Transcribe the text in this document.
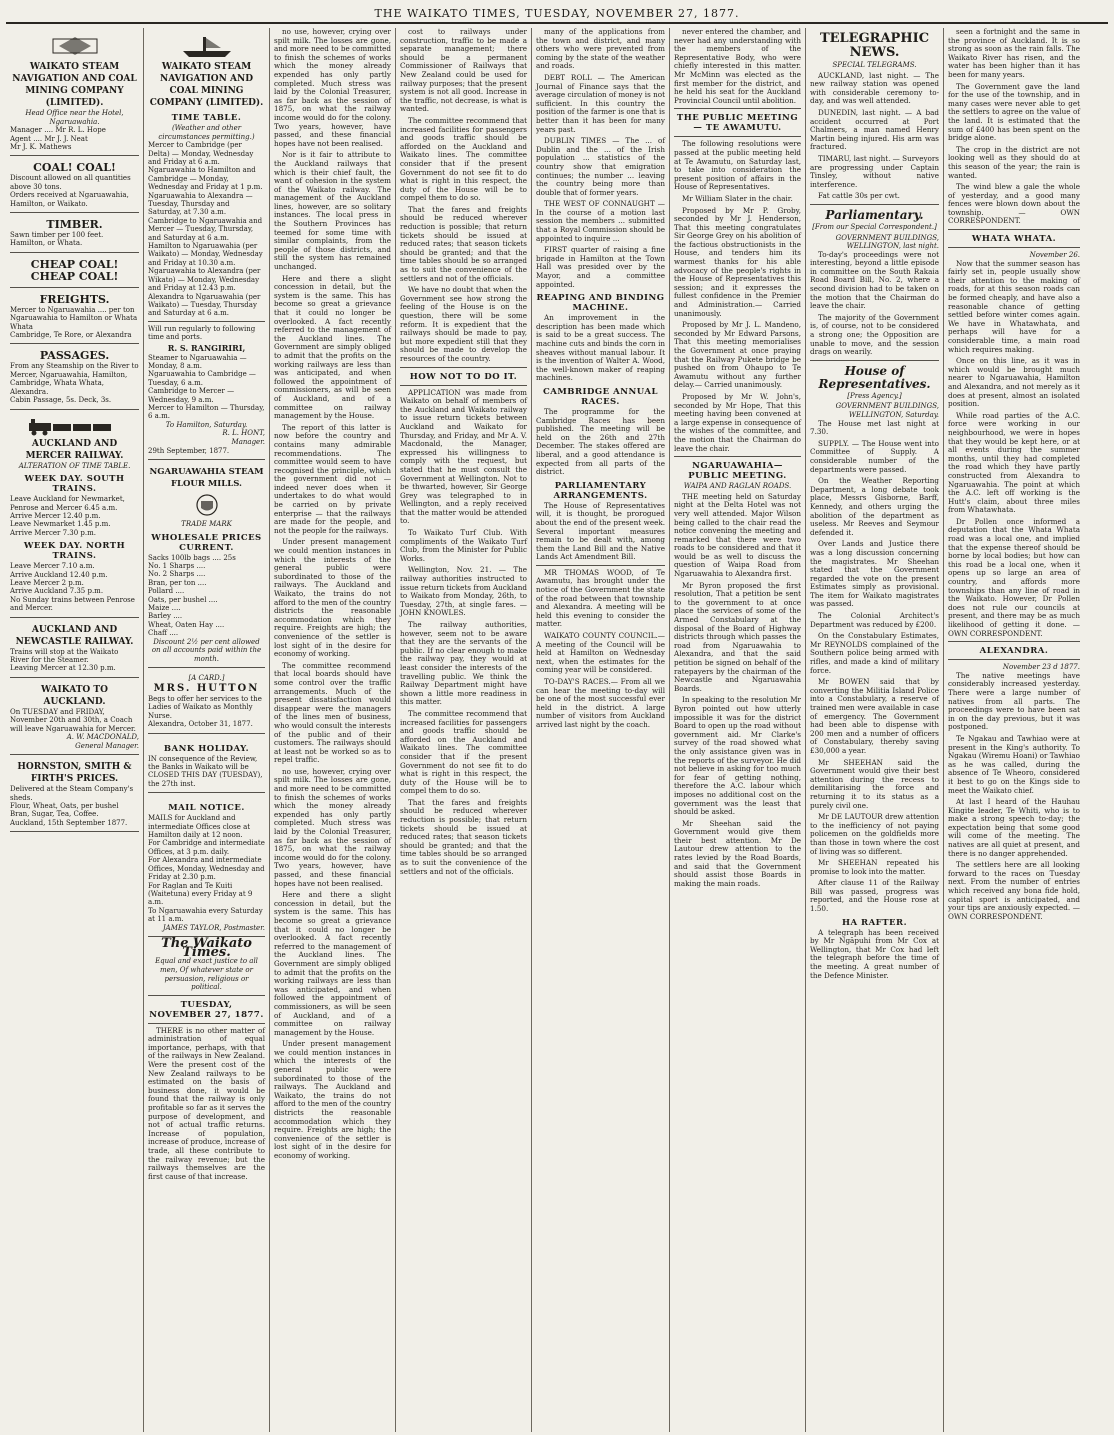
THE WAIKATO TIMES, TUESDAY, NOVEMBER 27, 1877.
WAIKATO STEAM NAVIGATION AND COAL MINING COMPANY (LIMITED).
Head Office near the Hotel, Ngaruawahia.
Manager .... Mr R. L. Hope
Agent .... Mr J. J. Neat
Mr J. K. Mathews
COAL! COAL!
Discount allowed on all quantities above 30 tons.
Orders received at Ngaruawahia, Hamilton, or Waikato.
TIMBER.
Sawn timber per 100 feet.
Hamilton, or Whata.
CHEAP COAL! CHEAP COAL!
FREIGHTS.
Mercer to Ngaruawahia .... per ton
Ngaruawahia to Hamilton or Whata Whata
Cambridge, Te Rore, or Alexandra
PASSAGES.
From any Steamship on the River to Mercer, Ngaruawahia, Hamilton, Cambridge, Whata Whata, Alexandra.
Cabin Passage, 5s. Deck, 3s.
AUCKLAND AND MERCER RAILWAY.
ALTERATION OF TIME TABLE.
WEEK DAY. SOUTH TRAINS.
Leave Auckland for Newmarket, Penrose and Mercer 6.45 a.m.
Arrive Mercer 12.40 p.m.
Leave Newmarket 1.45 p.m.
Arrive Mercer 7.30 p.m.
WEEK DAY. NORTH TRAINS.
Leave Mercer 7.10 a.m.
Arrive Auckland 12.40 p.m.
Leave Mercer 2 p.m.
Arrive Auckland 7.35 p.m.
No Sunday trains between Penrose and Mercer.
AUCKLAND AND NEWCASTLE RAILWAY.
Trains will stop at the Waikato River for the Steamer.
Leaving Mercer at 12.30 p.m.
WAIKATO TO AUCKLAND.
On TUESDAY and FRIDAY, November 20th and 30th, a Coach will leave Ngaruawahia for Mercer.
A. W. MACDONALD,
General Manager.
HORNSTON, SMITH & FIRTH'S PRICES.
Delivered at the Steam Company's sheds.
Flour, Wheat, Oats, per bushel
Bran, Sugar, Tea, Coffee.
Auckland, 15th September 1877.
WAIKATO STEAM NAVIGATION AND COAL MINING COMPANY (LIMITED).
TIME TABLE.
(Weather and other circumstances permitting.)
Mercer to Cambridge (per Delta) — Monday, Wednesday and Friday at 6 a.m.
Ngaruawahia to Hamilton and Cambridge — Monday, Wednesday and Friday at 1 p.m.
Ngaruawahia to Alexandra — Tuesday, Thursday and Saturday, at 7.30 a.m.
Cambridge to Ngaruawahia and Mercer — Tuesday, Thursday, and Saturday at 6 a.m.
Hamilton to Ngaruawahia (per Waikato) — Monday, Wednesday and Friday at 10.30 a.m.
Ngaruawahia to Alexandra (per Wikato) — Monday, Wednesday and Friday at 12.43 p.m.
Alexandra to Ngaruawahia (per Waikato) — Tuesday, Thursday and Saturday at 6 a.m.
Will run regularly to following time and ports.
R. S. RANGIRIRI,
Steamer to Ngaruawahia — Monday, 8 a.m.
Ngaruawahia to Cambridge — Tuesday, 6 a.m.
Cambridge to Mercer — Wednesday, 9 a.m.
Mercer to Hamilton — Thursday, 6 a.m.
To Hamilton, Saturday.
R. L. HONT,
Manager.
29th September, 1877.
NGARUAWAHIA STEAM FLOUR MILLS.
TRADE MARK
WHOLESALE PRICES CURRENT.
Sacks 100lb bags .... 25s
No. 1 Sharps ....
No. 2 Sharps ....
Bran, per ton ....
Pollard ....
Oats, per bushel ....
Maize ....
Barley ....
Wheat, Oaten Hay ....
Chaff ....
Discount 2½ per cent allowed on all accounts paid within the month.
[A CARD.]
MRS. HUTTON
Begs to offer her services to the Ladies of Waikato as Monthly Nurse.
Alexandra, October 31, 1877.
BANK HOLIDAY.
IN consequence of the Review, the Banks in Waikato will be CLOSED THIS DAY (TUESDAY), the 27th inst.
MAIL NOTICE.
MAILS for Auckland and intermediate Offices close at Hamilton daily at 12 noon.
For Cambridge and intermediate Offices, at 3 p.m. daily.
For Alexandra and intermediate Offices, Monday, Wednesday and Friday at 2.30 p.m.
For Raglan and Te Kuiti (Waitetuna) every Friday at 9 a.m.
To Ngaruawahia every Saturday at 11 a.m.
JAMES TAYLOR, Postmaster.
The Waikato Times.
Equal and exact justice to all men, Of whatever state or persuasion, religious or political.
TUESDAY, NOVEMBER 27, 1877.

THERE is no other matter of administration of equal importance, perhaps, with that of the railways in New Zealand. Were the present cost of the New Zealand railways to be estimated on the basis of business done, it would be found that the railway is only profitable so far as it serves the purpose of development, and not of actual traffic returns. Increase of population, increase of produce, increase of trade, all these contribute to the railway revenue; but the railways themselves are the first cause of that increase.

no use, however, crying over spilt milk. The losses are gone, and more need to be committed to finish the schemes of works which the money already expended has only partly completed. Much stress was laid by the Colonial Treasurer, as far back as the session of 1875, on what the railway income would do for the colony. Two years, however, have passed, and these financial hopes have not been realised.

Nor is it fair to attribute to the Auckland railways that which is their chief fault, the want of cohesion in the system of the Waikato railway. The management of the Auckland lines, however, are so solitary instances. The local press in the Southern Provinces has teemed for some time with similar complaints, from the people of those districts, and still the system has remained unchanged.

Here and there a slight concession in detail, but the system is the same. This has become so great a grievance that it could no longer be overlooked. A fact recently referred to the management of the Auckland lines. The Government are simply obliged to admit that the profits on the working railways are less than was anticipated, and when followed the appointment of commissioners, as will be seen of Auckland, and of a committee on railway management by the House.

The report of this latter is now before the country and contains many admirable recommendations. The committee would seem to have recognised the principle, which the government did not — indeed never does when it undertakes to do what would be carried on by private enterprise — that the railways are made for the people, and not the people for the railways.

Under present management we could mention instances in which the interests of the general public were subordinated to those of the railways. The Auckland and Waikato, the trains do not afford to the men of the country districts the reasonable accommodation which they require. Freights are high; the convenience of the settler is lost sight of in the desire for economy of working.

The committee recommend that local boards should have some control over the traffic arrangements. Much of the present dissatisfaction would disappear were the managers of the lines men of business, who would consult the interests of the public and of their customers. The railways should at least not be worked so as to repel traffic.

no use, however, crying over spilt milk. The losses are gone, and more need to be committed to finish the schemes of works which the money already expended has only partly completed. Much stress was laid by the Colonial Treasurer, as far back as the session of 1875, on what the railway income would do for the colony. Two years, however, have passed, and these financial hopes have not been realised.

Here and there a slight concession in detail, but the system is the same. This has become so great a grievance that it could no longer be overlooked. A fact recently referred to the management of the Auckland lines. The Government are simply obliged to admit that the profits on the working railways are less than was anticipated, and when followed the appointment of commissioners, as will be seen of Auckland, and of a committee on railway management by the House.

Under present management we could mention instances in which the interests of the general public were subordinated to those of the railways. The Auckland and Waikato, the trains do not afford to the men of the country districts the reasonable accommodation which they require. Freights are high; the convenience of the settler is lost sight of in the desire for economy of working.

cost to railways under construction, traffic to be made a separate management; there should be a permanent Commissioner of Railways that New Zealand could be used for railway purposes; that the present system is not all good. Increase in the traffic, not decrease, is what is wanted.

The committee recommend that increased facilities for passengers and goods traffic should be afforded on the Auckland and Waikato lines. The committee consider that if the present Government do not see fit to do what is right in this respect, the duty of the House will be to compel them to do so.

That the fares and freights should be reduced wherever reduction is possible; that return tickets should be issued at reduced rates; that season tickets should be granted; and that the time tables should be so arranged as to suit the convenience of the settlers and not of the officials.

We have no doubt that when the Government see how strong the feeling of the House is on the question, there will be some reform. It is expedient that the railways should be made to pay, but more expedient still that they should be made to develop the resources of the country.

HOW NOT TO DO IT.

APPLICATION was made from Waikato on behalf of members of the Auckland and Waikato railway to issue return tickets between Auckland and Waikato for Thursday, and Friday, and Mr A. V. Macdonald, the Manager, expressed his willingness to comply with the request, but stated that he must consult the Government at Wellington. Not to be thwarted, however, Sir George Grey was telegraphed to in Wellington, and a reply received that the matter would be attended to.

To Waikato Turf Club. With compliments of the Waikato Turf Club, from the Minister for Public Works.

Wellington, Nov. 21. — The railway authorities instructed to issue return tickets from Auckland to Waikato from Monday, 26th, to Tuesday, 27th, at single fares. — JOHN KNOWLES.

The railway authorities, however, seem not to be aware that they are the servants of the public. If no clear enough to make the railway pay, they would at least consider the interests of the travelling public. We think the Railway Department might have shown a little more readiness in this matter.

The committee recommend that increased facilities for passengers and goods traffic should be afforded on the Auckland and Waikato lines. The committee consider that if the present Government do not see fit to do what is right in this respect, the duty of the House will be to compel them to do so.

That the fares and freights should be reduced wherever reduction is possible; that return tickets should be issued at reduced rates; that season tickets should be granted; and that the time tables should be so arranged as to suit the convenience of the settlers and not of the officials.

many of the applications from the town and district, and many others who were prevented from coming by the state of the weather and roads.

DEBT ROLL — The American Journal of Finance says that the average circulation of money is not sufficient. In this country the position of the farmer is one that is better than it has been for many years past.

DUBLIN TIMES — The ... of Dublin and the ... of the Irish population ... statistics of the country show that emigration continues; the number ... leaving the country being more than double that of former years.

THE WEST OF CONNAUGHT — In the course of a motion last session the members ... submitted that a Royal Commission should be appointed to inquire ...

FIRST quarter of raising a fine brigade in Hamilton at the Town Hall was presided over by the Mayor, and a committee appointed.

REAPING AND BINDING MACHINE.

An improvement in the description has been made which is said to be a great success. The machine cuts and binds the corn in sheaves without manual labour. It is the invention of Walter A. Wood, the well-known maker of reaping machines.

CAMBRIDGE ANNUAL RACES.

The programme for the Cambridge Races has been published. The meeting will be held on the 26th and 27th December. The stakes offered are liberal, and a good attendance is expected from all parts of the district.

PARLIAMENTARY ARRANGEMENTS.

The House of Representatives will, it is thought, be prorogued about the end of the present week. Several important measures remain to be dealt with, among them the Land Bill and the Native Lands Act Amendment Bill.

MR THOMAS WOOD, of Te Awamutu, has brought under the notice of the Government the state of the road between that township and Alexandra. A meeting will be held this evening to consider the matter.

WAIKATO COUNTY COUNCIL.— A meeting of the Council will be held at Hamilton on Wednesday next, when the estimates for the coming year will be considered.

TO-DAY'S RACES.— From all we can hear the meeting to-day will be one of the most successful ever held in the district. A large number of visitors from Auckland arrived last night by the coach.

never entered the chamber, and never had any understanding with the members of the Representative Body, who were chiefly interested in this matter. Mr McMinn was elected as the first member for the district, and he held his seat for the Auckland Provincial Council until abolition.

THE PUBLIC MEETING— TE AWAMUTU.

The following resolutions were passed at the public meeting held at Te Awamutu, on Saturday last, to take into consideration the present position of affairs in the House of Representatives.

Mr William Slater in the chair.

Proposed by Mr P. Groby, seconded by Mr J. Henderson, That this meeting congratulates Sir George Grey on his abolition of the factious obstructionists in the House, and tenders him its warmest thanks for his able advocacy of the people's rights in the House of Representatives this session; and it expresses the fullest confidence in the Premier and Administration.— Carried unanimously.

Proposed by Mr J. L. Mandeno, seconded by Mr Edward Parsons, That this meeting memorialises the Government at once praying that the Railway Pukete bridge be pushed on from Ohaupo to Te Awamutu without any further delay.— Carried unanimously.

Proposed by Mr W. John's, seconded by Mr Hope, That this meeting having been convened at a large expense in consequence of the wishes of the committee, and the motion that the Chairman do leave the chair.

NGARUAWAHIA—PUBLIC MEETING.
WAIPA AND RAGLAN ROADS.

THE meeting held on Saturday night at the Delta Hotel was not very well attended. Major Wilson being called to the chair read the notice convening the meeting and remarked that there were two roads to be considered and that it would be as well to discuss the question of Waipa Road from Ngaruawahia to Alexandra first.

Mr Byron proposed the first resolution, That a petition be sent to the government to at once place the services of some of the Armed Constabulary at the disposal of the Board of Highway districts through which passes the road from Ngaruawahia to Alexandra, and that the said petition be signed on behalf of the ratepayers by the chairman of the Newcastle and Ngaruawahia Boards.

In speaking to the resolution Mr Byron pointed out how utterly impossible it was for the district Board to open up the road without government aid. Mr Clarke's survey of the road showed what the only assistance given was in the reports of the surveyor. He did not believe in asking for too much for fear of getting nothing, therefore the A.C. labour which imposes no additional cost on the government was the least that should be asked.

Mr Sheehan said the Government would give them their best attention. Mr De Lautour drew attention to the rates levied by the Road Boards, and said that the Government should assist those Boards in making the main roads.

TELEGRAPHIC NEWS.
SPECIAL TELEGRAMS.

AUCKLAND, last night. — The new railway station was opened with considerable ceremony to-day, and was well attended.

DUNEDIN, last night. — A bad accident occurred at Port Chalmers, a man named Henry Martin being injured. His arm was fractured.

TIMARU, last night. — Surveyors are progressing under Captain Tinsley, without native interference.

Fat cattle 30s per cwt.

Parliamentary.
[From our Special Correspondent.]
GOVERNMENT BUILDINGS,
WELLINGTON, last night.

To-day's proceedings were not interesting, beyond a little episode in committee on the South Rakaia Road Board Bill, No. 2, where a second division had to be taken on the motion that the Chairman do leave the chair.

The majority of the Government is, of course, not to be considered a strong one; the Opposition are unable to move, and the session drags on wearily.

House of Representatives.
[Press Agency.]
GOVERNMENT BUILDINGS, WELLINGTON, Saturday.

The House met last night at 7.30.

SUPPLY. — The House went into Committee of Supply. A considerable number of the departments were passed.

On the Weather Reporting Department, a long debate took place, Messrs Gisborne, Barff, Kennedy, and others urging the abolition of the department as useless. Mr Reeves and Seymour defended it.

Over Lands and Justice there was a long discussion concerning the magistrates. Mr Sheehan stated that the Government regarded the vote on the present Estimates simply as provisional. The item for Waikato magistrates was passed.

The Colonial Architect's Department was reduced by £200.

On the Constabulary Estimates, Mr REYNOLDS complained of the Southern police being armed with rifles, and made a kind of military force.

Mr BOWEN said that by converting the Militia Island Police into a Constabulary, a reserve of trained men were available in case of emergency. The Government had been able to dispense with 200 men and a number of officers of Constabulary, thereby saving £30,000 a year.

Mr SHEEHAN said the Government would give their best attention during the recess to demilitarising the force and returning it to its status as a purely civil one.

Mr DE LAUTOUR drew attention to the inefficiency of not paying policemen on the goldfields more than those in town where the cost of living was so different.

Mr SHEEHAN repeated his promise to look into the matter.

After clause 11 of the Railway Bill was passed, progress was reported, and the House rose at 1.50.

HA RAFTER.

A telegraph has been received by Mr Ngāpuhi from Mr Cox at Wellington, that Mr Cox had left the telegraph before the time of the meeting. A great number of the Defence Minister.

seen a fortnight and the same in the province of Auckland. It is so strong as soon as the rain falls. The Waikato River has risen, and the water has been higher than it has been for many years.

The Government gave the land for the use of the township, and in many cases were never able to get the settlers to agree on the value of the land. It is estimated that the sum of £400 has been spent on the bridge alone.

The crop in the district are not looking well as they should do at this season of the year; the rain is wanted.

The wind blew a gale the whole of yesterday, and a good many fences were blown down about the township. — OWN CORRESPONDENT.

WHATA WHATA.
November 26.

Now that the summer season has fairly set in, people usually show their attention to the making of roads, for at this season roads can be formed cheaply, and have also a reasonable chance of getting settled before winter comes again. We have in Whatawhata, and perhaps will have for a considerable time, a main road which requires making.

Once on this line, as it was in which would be brought much nearer to Ngaruawahia, Hamilton and Alexandra, and not merely as it does at present, almost an isolated position.

While road parties of the A.C. force were working in our neighbourhood, we were in hopes that they would be kept here, or at all events during the summer months, until they had completed the road which they have partly constructed from Alexandra to Ngaruawahia. The point at which the A.C. left off working is the Hutt's claim, about three miles from Whatawhata.

Dr Pollen once informed a deputation that the Whata Whata road was a local one, and implied that the expense thereof should be borne by local bodies; but how can this road be a local one, when it opens up so large an area of country, and affords more townships than any line of road in the Waikato. However, Dr Pollen does not rule our councils at present, and there may be as much likelihood of getting it done. — OWN CORRESPONDENT.

ALEXANDRA.
November 23 d 1877.

The native meetings have considerably increased yesterday. There were a large number of natives from all parts. The proceedings were to have been sat in on the day previous, but it was postponed.

Te Ngakau and Tawhiao were at present in the King's authority. To Ngakau (Wiremu Hoani) or Tawhiao as he was called, during the absence of Te Wheoro, considered it best to go on the Kings side to meet the Waikato chief.

At last I heard of the Hauhau Kingite leader, Te Whiti, who is to make a strong speech to-day; the expectation being that some good will come of the meeting. The natives are all quiet at present, and there is no danger apprehended.

The settlers here are all looking forward to the races on Tuesday next. From the number of entries which received any bona fide hold, capital sport is anticipated, and your tips are anxiously expected. — OWN CORRESPONDENT.
